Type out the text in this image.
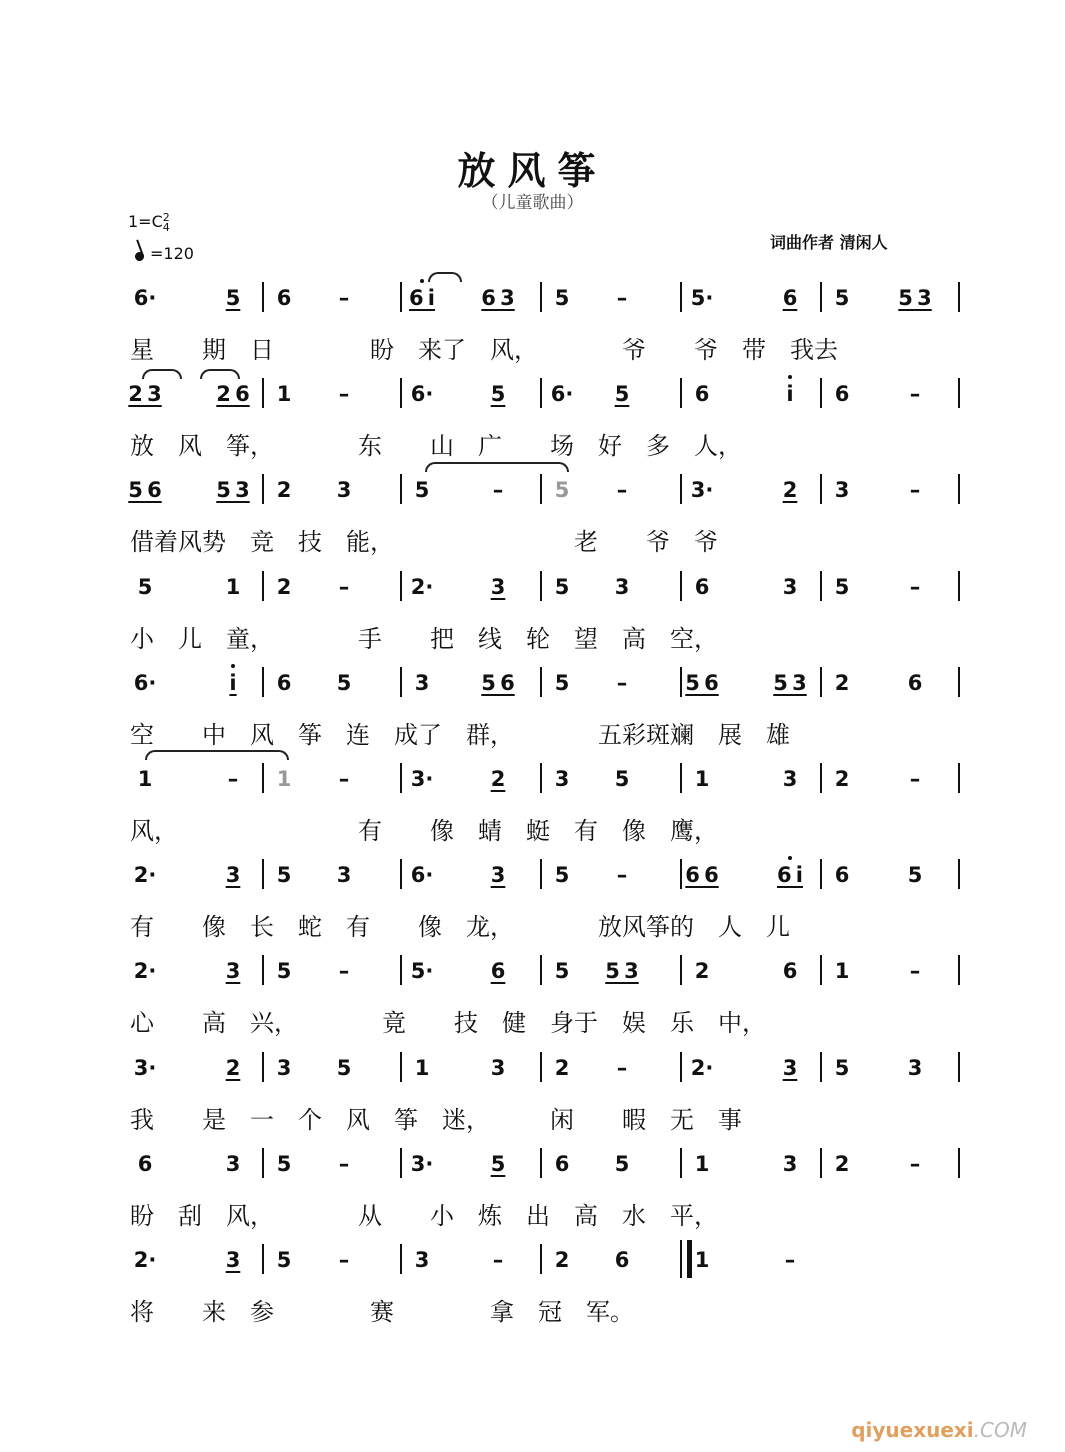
放风筝
（儿童歌曲）
1=C 2
4
=120
词曲作者 清闲人
6·	5	6	–	6 i	6 3	5	–	5·	6	5	5 3
星　　期　日　　　　盼　来了　风，　　　　爷　　爷　带　我去
2 3	2 6	1	–	6·	5	6·	5	6	i	6	–
放　风　筝，　　　　东　　山　广　　场　好　多　人，
5 6	5 3	2	3	5	–	5	–	3·	2	3	–
借着风势　竞　技　能，　　　　　　　　老　　爷　爷
5	1	2	–	2·	3	5	3	6	3	5	–
小　儿　童，　　　　手　　把　线　轮　望　高　空，
6·	i	6	5	3	5 6	5	–	5 6	5 3	2	6
空　　中　风　筝　连　成了　群，　　　　五彩斑斓　展　雄
1	–	1	–	3·	2	3	5	1	3	2	–
风，　　　　　　　　有　　像　蜻　蜓　有　像　鹰，
2·	3	5	3	6·	3	5	–	6 6	6 i	6	5
有　　像　长　蛇　有　　像　龙，　　　　放风筝的　人　儿
2·	3	5	–	5·	6	5	5 3	2	6	1	–
心　　高　兴，　　　　竟　　技　健　身于　娱　乐　中，
3·	2	3	5	1	3	2	–	2·	3	5	3
我　　是　一　个　风　筝　迷，　　　闲　　暇　无　事
6	3	5	–	3·	5	6	5	1	3	2	–
盼　刮　风，　　　　从　　小　炼　出　高　水　平，
2·	3	5	–	3	–	2	6	1	–
将　　来　参　　　　赛　　　　拿　冠　军。
qiyuexuexi.COM
